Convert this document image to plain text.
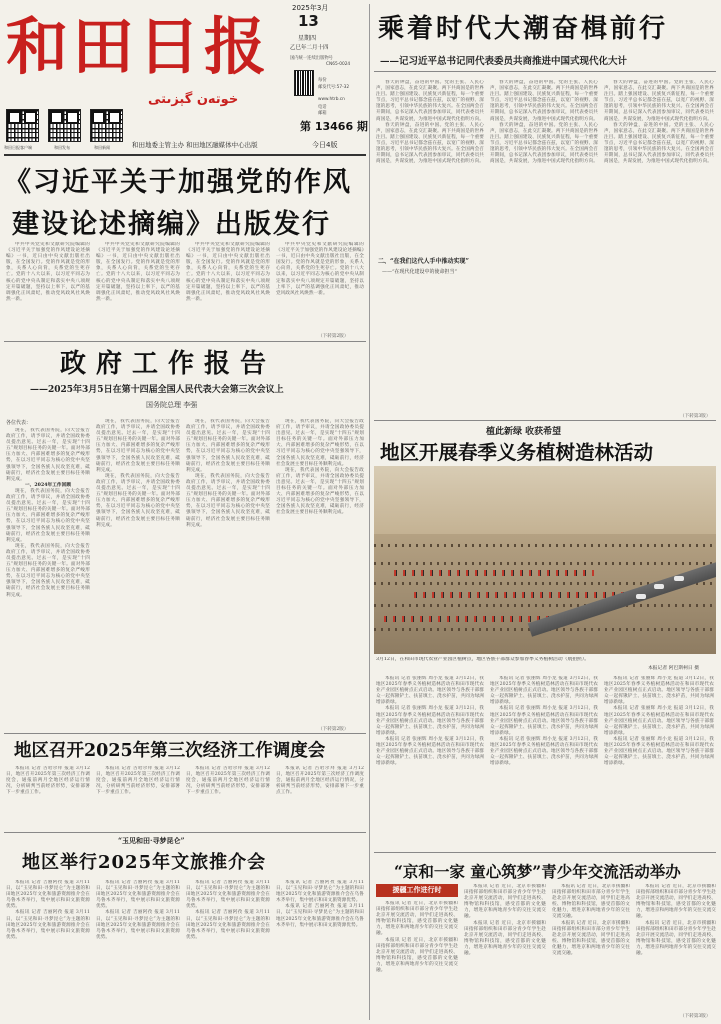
和田日报
خوتەن گېزىتى
和田日报客户端	和田发布	和田新闻	和田地委主管主办 和田地区融媒体中心出版
第 13466 期
今日4版
2025年3月
13
星期四
乙巳年二月十四
国内统一连续出版物号
CN65-0024
邮发代号:57-32
www.htrb.cn
电话
邮箱
每份
乘着时代大潮奋楫前行
——记习近平总书记同代表委员共商推进中国式现代化大计

春天的钟盘，奋进的中国。党的主张、人民心声，国家意志，在此交汇凝聚。两下共商国是的世界注目。踏上强国建设、民族复兴新征程，每一个重要节点，习近平总书记都念兹在兹，以宽广的视野、深邃的思考，引领中华民族的伟大复兴。在全国两会召开期间，总书记深入代表团参加审议，同代表委员共商国是，共谋发展，为推进中国式现代化指明方向。

春天的钟盘，奋进的中国。党的主张、人民心声，国家意志，在此交汇凝聚。两下共商国是的世界注目。踏上强国建设、民族复兴新征程，每一个重要节点，习近平总书记都念兹在兹，以宽广的视野、深邃的思考，引领中华民族的伟大复兴。在全国两会召开期间，总书记深入代表团参加审议，同代表委员共商国是，共谋发展，为推进中国式现代化指明方向。

春天的钟盘，奋进的中国。党的主张、人民心声，国家意志，在此交汇凝聚。两下共商国是的世界注目。踏上强国建设、民族复兴新征程，每一个重要节点，习近平总书记都念兹在兹，以宽广的视野、深邃的思考，引领中华民族的伟大复兴。在全国两会召开期间，总书记深入代表团参加审议，同代表委员共商国是，共谋发展，为推进中国式现代化指明方向。

春天的钟盘，奋进的中国。党的主张、人民心声，国家意志，在此交汇凝聚。两下共商国是的世界注目。踏上强国建设、民族复兴新征程，每一个重要节点，习近平总书记都念兹在兹，以宽广的视野、深邃的思考，引领中华民族的伟大复兴。在全国两会召开期间，总书记深入代表团参加审议，同代表委员共商国是，共谋发展，为推进中国式现代化指明方向。

春天的钟盘，奋进的中国。党的主张、人民心声，国家意志，在此交汇凝聚。两下共商国是的世界注目。踏上强国建设、民族复兴新征程，每一个重要节点，习近平总书记都念兹在兹，以宽广的视野、深邃的思考，引领中华民族的伟大复兴。在全国两会召开期间，总书记深入代表团参加审议，同代表委员共商国是，共谋发展，为推进中国式现代化指明方向。

春天的钟盘，奋进的中国。党的主张、人民心声，国家意志，在此交汇凝聚。两下共商国是的世界注目。踏上强国建设、民族复兴新征程，每一个重要节点，习近平总书记都念兹在兹，以宽广的视野、深邃的思考，引领中华民族的伟大复兴。在全国两会召开期间，总书记深入代表团参加审议，同代表委员共商国是，共谋发展，为推进中国式现代化指明方向。

二、“在我们这代人手中推动实现”
——“在现代化建设中的使命担当”
（下转第3版）
《习近平关于加强党的作风
建设论述摘编》出版发行

中共中央党史和文献研究院编辑的《习近平关于加强党的作风建设论述摘编》一书，近日由中央文献出版社出版，在全国发行。党的作风就是党的形象，关系人心向背，关系党的生死存亡。党的十八大以来，以习近平同志为核心的党中央从制定和落实中央八项规定开篇破题，坚持以上率下，以严的基调强化正风肃纪，推动党风政风社风焕然一新。

中共中央党史和文献研究院编辑的《习近平关于加强党的作风建设论述摘编》一书，近日由中央文献出版社出版，在全国发行。党的作风就是党的形象，关系人心向背，关系党的生死存亡。党的十八大以来，以习近平同志为核心的党中央从制定和落实中央八项规定开篇破题，坚持以上率下，以严的基调强化正风肃纪，推动党风政风社风焕然一新。

中共中央党史和文献研究院编辑的《习近平关于加强党的作风建设论述摘编》一书，近日由中央文献出版社出版，在全国发行。党的作风就是党的形象，关系人心向背，关系党的生死存亡。党的十八大以来，以习近平同志为核心的党中央从制定和落实中央八项规定开篇破题，坚持以上率下，以严的基调强化正风肃纪，推动党风政风社风焕然一新。

中共中央党史和文献研究院编辑的《习近平关于加强党的作风建设论述摘编》一书，近日由中央文献出版社出版，在全国发行。党的作风就是党的形象，关系人心向背，关系党的生死存亡。党的十八大以来，以习近平同志为核心的党中央从制定和落实中央八项规定开篇破题，坚持以上率下，以严的基调强化正风肃纪，推动党风政风社风焕然一新。

（下转第2版）
政府工作报告
——2025年3月5日在第十四届全国人民代表大会第三次会议上
国务院总理 李强
各位代表：

现在，我代表国务院，向大会报告政府工作，请予审议，并请全国政协委员提出意见。过去一年，是实现“十四五”规划目标任务的关键一年。面对外部压力加大、内部困难增多的复杂严峻形势，在以习近平同志为核心的党中央坚强领导下，全国各族人民攻坚克难，砥砺前行，经济社会发展主要目标任务顺利完成。

一、2024年工作回顾

现在，我代表国务院，向大会报告政府工作，请予审议，并请全国政协委员提出意见。过去一年，是实现“十四五”规划目标任务的关键一年。面对外部压力加大、内部困难增多的复杂严峻形势，在以习近平同志为核心的党中央坚强领导下，全国各族人民攻坚克难，砥砺前行，经济社会发展主要目标任务顺利完成。

现在，我代表国务院，向大会报告政府工作，请予审议，并请全国政协委员提出意见。过去一年，是实现“十四五”规划目标任务的关键一年。面对外部压力加大、内部困难增多的复杂严峻形势，在以习近平同志为核心的党中央坚强领导下，全国各族人民攻坚克难，砥砺前行，经济社会发展主要目标任务顺利完成。

现在，我代表国务院，向大会报告政府工作，请予审议，并请全国政协委员提出意见。过去一年，是实现“十四五”规划目标任务的关键一年。面对外部压力加大、内部困难增多的复杂严峻形势，在以习近平同志为核心的党中央坚强领导下，全国各族人民攻坚克难，砥砺前行，经济社会发展主要目标任务顺利完成。

现在，我代表国务院，向大会报告政府工作，请予审议，并请全国政协委员提出意见。过去一年，是实现“十四五”规划目标任务的关键一年。面对外部压力加大、内部困难增多的复杂严峻形势，在以习近平同志为核心的党中央坚强领导下，全国各族人民攻坚克难，砥砺前行，经济社会发展主要目标任务顺利完成。

现在，我代表国务院，向大会报告政府工作，请予审议，并请全国政协委员提出意见。过去一年，是实现“十四五”规划目标任务的关键一年。面对外部压力加大、内部困难增多的复杂严峻形势，在以习近平同志为核心的党中央坚强领导下，全国各族人民攻坚克难，砥砺前行，经济社会发展主要目标任务顺利完成。

现在，我代表国务院，向大会报告政府工作，请予审议，并请全国政协委员提出意见。过去一年，是实现“十四五”规划目标任务的关键一年。面对外部压力加大、内部困难增多的复杂严峻形势，在以习近平同志为核心的党中央坚强领导下，全国各族人民攻坚克难，砥砺前行，经济社会发展主要目标任务顺利完成。

现在，我代表国务院，向大会报告政府工作，请予审议，并请全国政协委员提出意见。过去一年，是实现“十四五”规划目标任务的关键一年。面对外部压力加大、内部困难增多的复杂严峻形势，在以习近平同志为核心的党中央坚强领导下，全国各族人民攻坚克难，砥砺前行，经济社会发展主要目标任务顺利完成。

现在，我代表国务院，向大会报告政府工作，请予审议，并请全国政协委员提出意见。过去一年，是实现“十四五”规划目标任务的关键一年。面对外部压力加大、内部困难增多的复杂严峻形势，在以习近平同志为核心的党中央坚强领导下，全国各族人民攻坚克难，砥砺前行，经济社会发展主要目标任务顺利完成。

（下转第2版）
地区召开2025年第三次经济工作调度会

本报讯 记者 古哈尔拜 报道 3月12日，地区召开2025年第三次经济工作调度会，通报前两月全地区经济运行情况，分析研判当前经济形势，安排部署下一步重点工作。

本报讯 记者 古哈尔拜 报道 3月12日，地区召开2025年第三次经济工作调度会，通报前两月全地区经济运行情况，分析研判当前经济形势，安排部署下一步重点工作。

本报讯 记者 古哈尔拜 报道 3月12日，地区召开2025年第三次经济工作调度会，通报前两月全地区经济运行情况，分析研判当前经济形势，安排部署下一步重点工作。

本报讯 记者 古哈尔拜 报道 3月12日，地区召开2025年第三次经济工作调度会，通报前两月全地区经济运行情况，分析研判当前经济形势，安排部署下一步重点工作。

“玉见和田·寻梦昆仑”
地区举行2025年文旅推介会

本报讯 记者 吉丽阿孜 报道 3月11日，以“玉见和田·寻梦昆仑”为主题的和田地区2025年文化和旅游资源推介会在乌鲁木齐举行，集中展示和田文旅资源优势。

本报讯 记者 吉丽阿孜 报道 3月11日，以“玉见和田·寻梦昆仑”为主题的和田地区2025年文化和旅游资源推介会在乌鲁木齐举行，集中展示和田文旅资源优势。

本报讯 记者 吉丽阿孜 报道 3月11日，以“玉见和田·寻梦昆仑”为主题的和田地区2025年文化和旅游资源推介会在乌鲁木齐举行，集中展示和田文旅资源优势。

本报讯 记者 吉丽阿孜 报道 3月11日，以“玉见和田·寻梦昆仑”为主题的和田地区2025年文化和旅游资源推介会在乌鲁木齐举行，集中展示和田文旅资源优势。

本报讯 记者 吉丽阿孜 报道 3月11日，以“玉见和田·寻梦昆仑”为主题的和田地区2025年文化和旅游资源推介会在乌鲁木齐举行，集中展示和田文旅资源优势。

本报讯 记者 吉丽阿孜 报道 3月11日，以“玉见和田·寻梦昆仑”为主题的和田地区2025年文化和旅游资源推介会在乌鲁木齐举行，集中展示和田文旅资源优势。

本报讯 记者 吉丽阿孜 报道 3月11日，以“玉见和田·寻梦昆仑”为主题的和田地区2025年文化和旅游资源推介会在乌鲁木齐举行，集中展示和田文旅资源优势。

本报讯 记者 吉丽阿孜 报道 3月11日，以“玉见和田·寻梦昆仑”为主题的和田地区2025年文化和旅游资源推介会在乌鲁木齐举行，集中展示和田文旅资源优势。

植此新绿 收获希望
地区开展春季义务植树造林活动
3月12日，在和田市现代农业产业园区植树点，地区各族干部群众参加春季义务植树活动（航拍照）。
本报记者 阿巴斯柯日 摄

本报讯 记者 张丽辉 周小龙 报道 3月12日，我地区2025年春季义务植树造林活动在和田市现代农业产业园区植树点正式启动。地区领导与各族干部群众一起挥锹铲土、扶苗填土、浇水护苗，共同为绿洲增添新绿。

本报讯 记者 张丽辉 周小龙 报道 3月12日，我地区2025年春季义务植树造林活动在和田市现代农业产业园区植树点正式启动。地区领导与各族干部群众一起挥锹铲土、扶苗填土、浇水护苗，共同为绿洲增添新绿。

本报讯 记者 张丽辉 周小龙 报道 3月12日，我地区2025年春季义务植树造林活动在和田市现代农业产业园区植树点正式启动。地区领导与各族干部群众一起挥锹铲土、扶苗填土、浇水护苗，共同为绿洲增添新绿。

本报讯 记者 张丽辉 周小龙 报道 3月12日，我地区2025年春季义务植树造林活动在和田市现代农业产业园区植树点正式启动。地区领导与各族干部群众一起挥锹铲土、扶苗填土、浇水护苗，共同为绿洲增添新绿。

本报讯 记者 张丽辉 周小龙 报道 3月12日，我地区2025年春季义务植树造林活动在和田市现代农业产业园区植树点正式启动。地区领导与各族干部群众一起挥锹铲土、扶苗填土、浇水护苗，共同为绿洲增添新绿。

本报讯 记者 张丽辉 周小龙 报道 3月12日，我地区2025年春季义务植树造林活动在和田市现代农业产业园区植树点正式启动。地区领导与各族干部群众一起挥锹铲土、扶苗填土、浇水护苗，共同为绿洲增添新绿。

本报讯 记者 张丽辉 周小龙 报道 3月12日，我地区2025年春季义务植树造林活动在和田市现代农业产业园区植树点正式启动。地区领导与各族干部群众一起挥锹铲土、扶苗填土、浇水护苗，共同为绿洲增添新绿。

本报讯 记者 张丽辉 周小龙 报道 3月12日，我地区2025年春季义务植树造林活动在和田市现代农业产业园区植树点正式启动。地区领导与各族干部群众一起挥锹铲土、扶苗填土、浇水护苗，共同为绿洲增添新绿。

本报讯 记者 张丽辉 周小龙 报道 3月12日，我地区2025年春季义务植树造林活动在和田市现代农业产业园区植树点正式启动。地区领导与各族干部群众一起挥锹铲土、扶苗填土、浇水护苗，共同为绿洲增添新绿。

“京和一家 童心筑梦”青少年交流活动举办
援疆工作进行时

本报讯 记者 近日，北京市援疆和田指挥部组织和田市部分青少年学生赴北京开展交流活动，同学们走进高校、博物馆和科技馆，感受首都的文化魅力，增进京和两地青少年的交往交流交融。

本报讯 记者 近日，北京市援疆和田指挥部组织和田市部分青少年学生赴北京开展交流活动，同学们走进高校、博物馆和科技馆，感受首都的文化魅力，增进京和两地青少年的交往交流交融。

本报讯 记者 近日，北京市援疆和田指挥部组织和田市部分青少年学生赴北京开展交流活动，同学们走进高校、博物馆和科技馆，感受首都的文化魅力，增进京和两地青少年的交往交流交融。

本报讯 记者 近日，北京市援疆和田指挥部组织和田市部分青少年学生赴北京开展交流活动，同学们走进高校、博物馆和科技馆，感受首都的文化魅力，增进京和两地青少年的交往交流交融。

本报讯 记者 近日，北京市援疆和田指挥部组织和田市部分青少年学生赴北京开展交流活动，同学们走进高校、博物馆和科技馆，感受首都的文化魅力，增进京和两地青少年的交往交流交融。

本报讯 记者 近日，北京市援疆和田指挥部组织和田市部分青少年学生赴北京开展交流活动，同学们走进高校、博物馆和科技馆，感受首都的文化魅力，增进京和两地青少年的交往交流交融。

本报讯 记者 近日，北京市援疆和田指挥部组织和田市部分青少年学生赴北京开展交流活动，同学们走进高校、博物馆和科技馆，感受首都的文化魅力，增进京和两地青少年的交往交流交融。

本报讯 记者 近日，北京市援疆和田指挥部组织和田市部分青少年学生赴北京开展交流活动，同学们走进高校、博物馆和科技馆，感受首都的文化魅力，增进京和两地青少年的交往交流交融。

（下转第3版）
